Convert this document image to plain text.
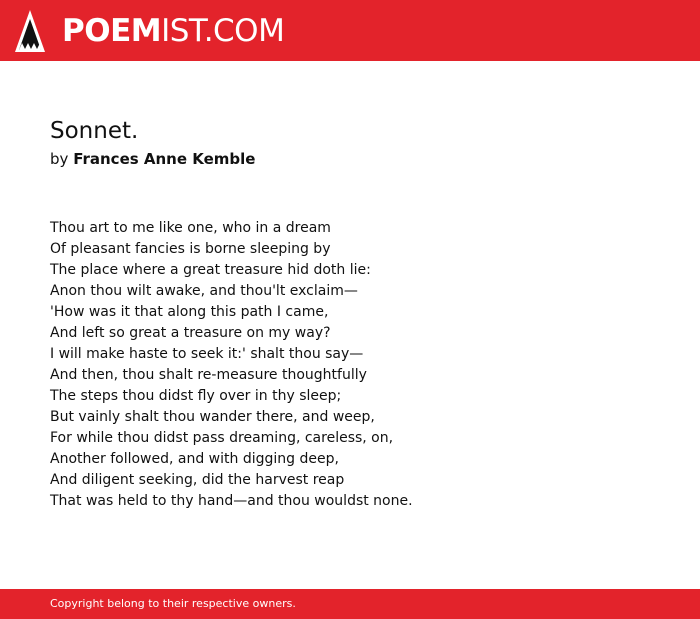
POEMIST.COM
Sonnet.
by Frances Anne Kemble
Thou art to me like one, who in a dream
Of pleasant fancies is borne sleeping by
The place where a great treasure hid doth lie:
Anon thou wilt awake, and thou'lt exclaim—
'How was it that along this path I came,
And left so great a treasure on my way?
I will make haste to seek it:' shalt thou say—
And then, thou shalt re-measure thoughtfully
The steps thou didst fly over in thy sleep;
But vainly shalt thou wander there, and weep,
For while thou didst pass dreaming, careless, on,
Another followed, and with digging deep,
And diligent seeking, did the harvest reap
That was held to thy hand—and thou wouldst none.
Copyright belong to their respective owners.
